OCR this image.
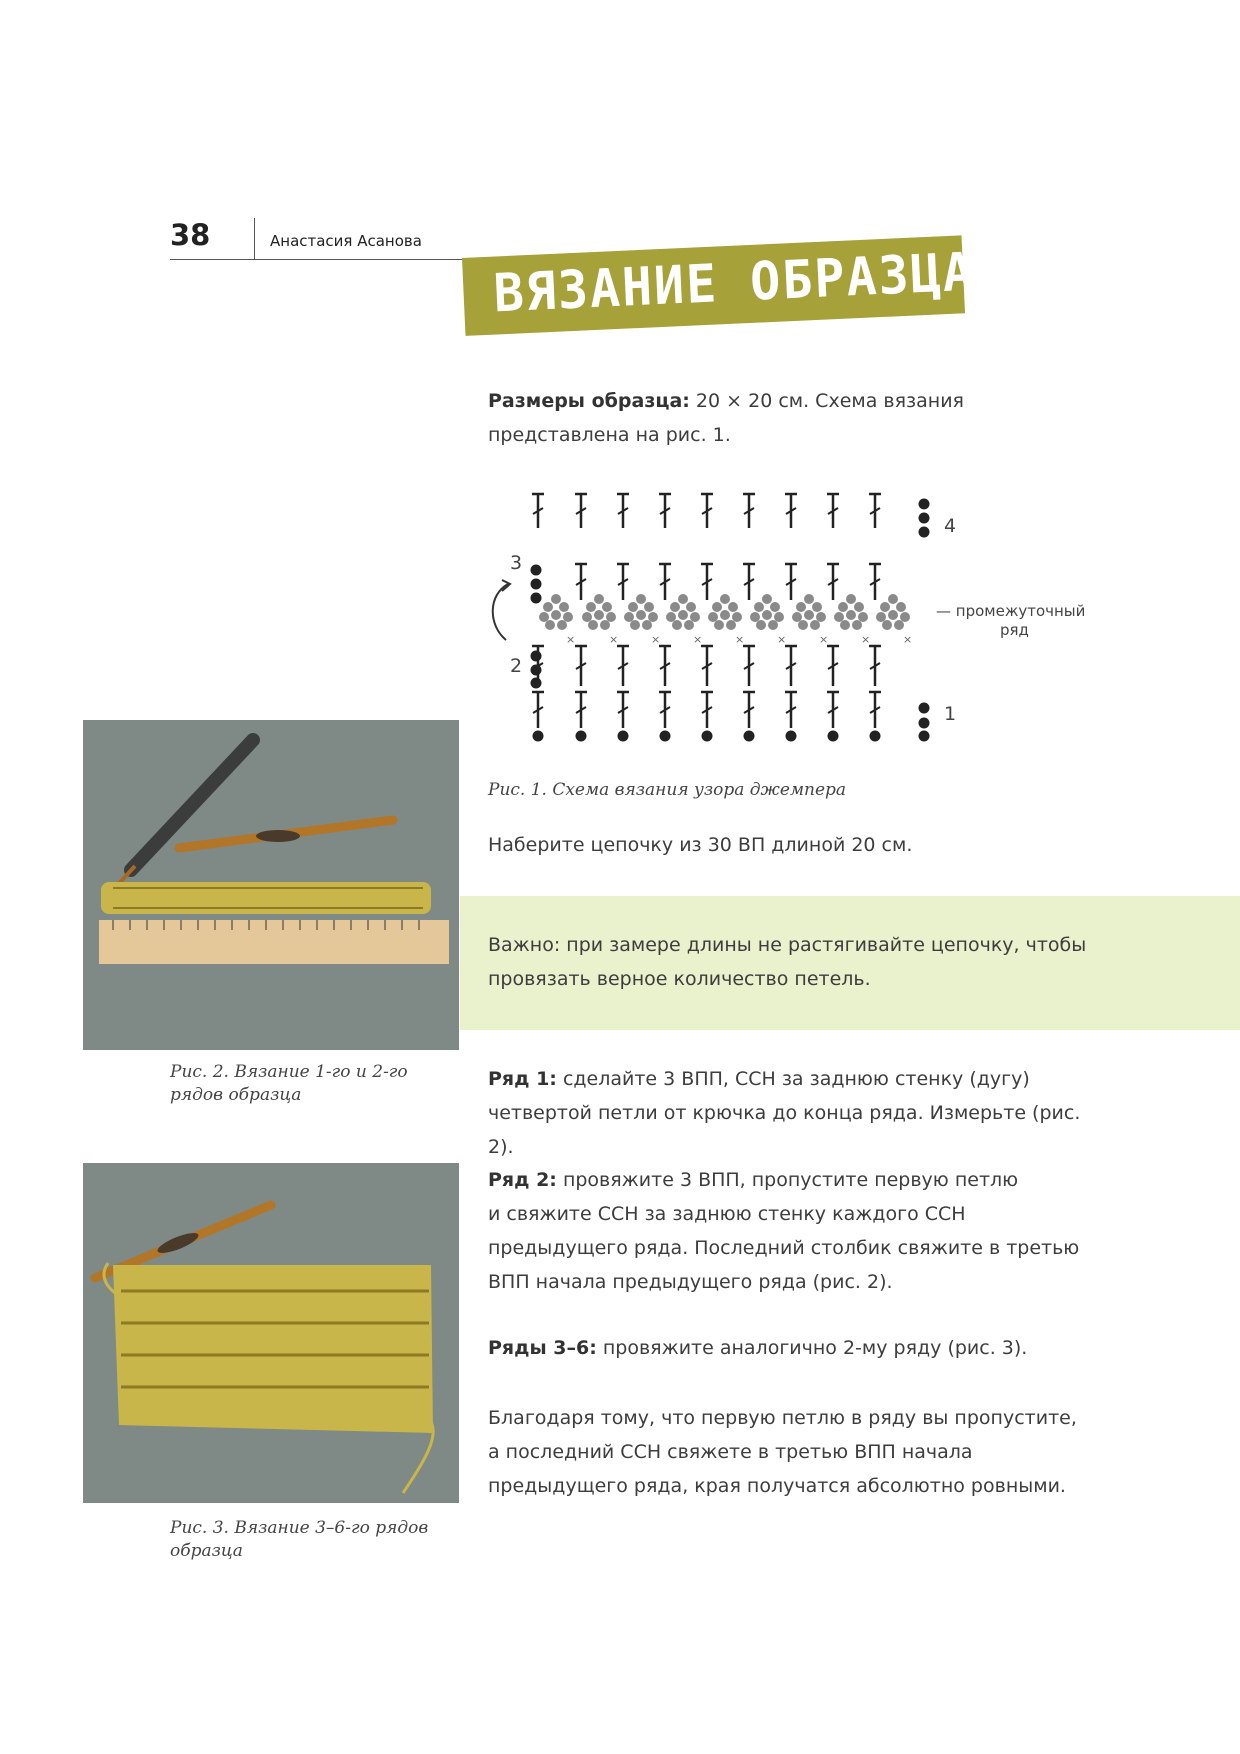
38	Анастасия Асанова
ВЯЗАНИЕ ОБРАЗЦА
Размеры образца: 20 × 20 см. Схема вязания
представлена на рис. 1.
×	×	×	×	×	×	×	×	×
1
2
3
4
— промежуточный
ряд
Рис. 1. Схема вязания узора джемпера
Наберите цепочку из 30 ВП длиной 20 см.
Важно: при замере длины не растягивайте цепочку, чтобы
провязать верное количество петель.
Ряд 1: сделайте 3 ВПП, ССН за заднюю стенку (дугу)
четвертой петли от крючка до конца ряда. Измерьте (рис. 2).
Ряд 2: провяжите 3 ВПП, пропустите первую петлю
и свяжите ССН за заднюю стенку каждого ССН
предыдущего ряда. Последний столбик свяжите в третью
ВПП начала предыдущего ряда (рис. 2).
Ряды 3–6: провяжите аналогично 2-му ряду (рис. 3).
Благодаря тому, что первую петлю в ряду вы пропустите,
а последний ССН свяжете в третью ВПП начала
предыдущего ряда, края получатся абсолютно ровными.
Рис. 2. Вязание 1-го и 2-го
рядов образца
Рис. 3. Вязание 3–6-го рядов
образца
